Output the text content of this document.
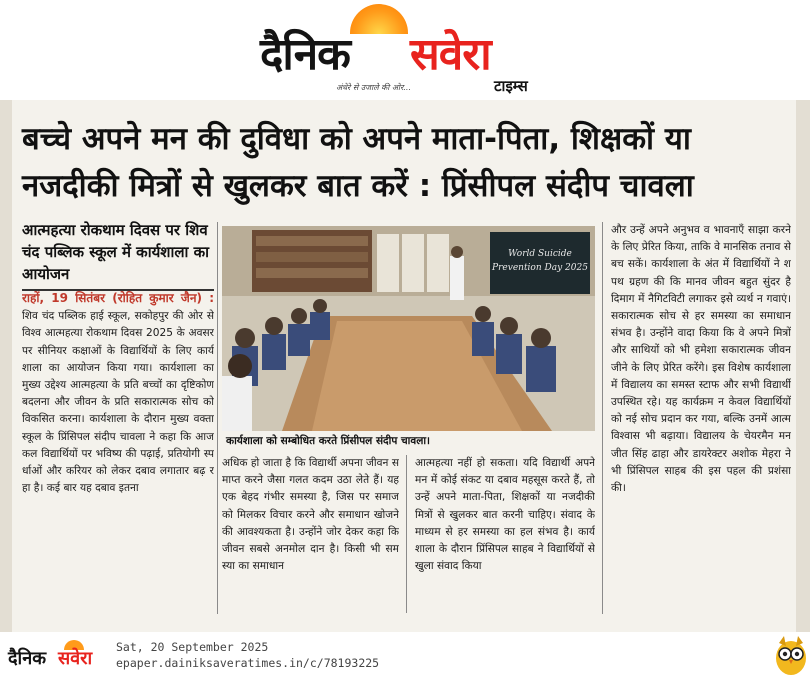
दैनिक सवेरा
अंधेरे से उजाले की ओर...	टाइम्स
बच्चे अपने मन की दुविधा को अपने माता-पिता, शिक्षकों या नजदीकी मित्रों से खुलकर बात करें : प्रिंसीपल संदीप चावला
आत्महत्या रोकथाम दिवस पर शिव चंद पब्लिक स्कूल में कार्यशाला का आयोजन
राहों, 19 सितंबर (रोहित कुमार जैन) : शिव चंद पब्लिक हाई स्कूल, सकोहपुर की ओर से विश्व आत्महत्या रोकथाम दिवस 2025 के अवसर पर सीनियर कक्षाओं के विद्यार्थियों के लिए कार्यशाला का आयोजन किया गया। कार्यशाला का मुख्य उद्देश्य आत्महत्या के प्रति बच्चों का दृष्टिकोण बदलना और जीवन के प्रति सकारात्मक सोच को विकसित करना। कार्यशाला के दौरान मुख्य वक्ता स्कूल के प्रिंसिपल संदीप चावला ने कहा कि आजकल विद्यार्थियों पर भविष्य की पढ़ाई, प्रतियोगी स्पर्धाओं और करियर को लेकर दबाव लगातार बढ़ रहा है। कई बार यह दबाव इतना
World Suicide
Prevention Day 2025
कार्यशाला को सम्बोधित करते प्रिंसीपल संदीप चावला।
अधिक हो जाता है कि विद्यार्थी अपना जीवन समाप्त करने जैसा गलत कदम उठा लेते हैं। यह एक बेहद गंभीर समस्या है, जिस पर समाज को मिलकर विचार करने और समाधान खोजने की आवश्यकता है। उन्होंने जोर देकर कहा कि जीवन सबसे अनमोल दान है। किसी भी समस्या का समाधान
आत्महत्या नहीं हो सकता। यदि विद्यार्थी अपने मन में कोई संकट या दबाव महसूस करते हैं, तो उन्हें अपने माता-पिता, शिक्षकों या नजदीकी मित्रों से खुलकर बात करनी चाहिए। संवाद के माध्यम से हर समस्या का हल संभव है। कार्यशाला के दौरान प्रिंसिपल साहब ने विद्यार्थियों से खुला संवाद किया
और उन्हें अपने अनुभव व भावनाएँ साझा करने के लिए प्रेरित किया, ताकि वे मानसिक तनाव से बच सकें। कार्यशाला के अंत में विद्यार्थियों ने शपथ ग्रहण की कि मानव जीवन बहुत सुंदर है दिमाग में नैगिटविटी लगाकर इसे व्यर्थ न गवाएं। सकारात्मक सोच से हर समस्या का समाधान संभव है। उन्होंने वादा किया कि वे अपने मित्रों और साथियों को भी हमेशा सकारात्मक जीवन जीने के लिए प्रेरित करेंगे। इस विशेष कार्यशाला में विद्यालय का समस्त स्टाफ और सभी विद्यार्थी उपस्थित रहे। यह कार्यक्रम न केवल विद्यार्थियों को नई सोच प्रदान कर गया, बल्कि उनमें आत्मविश्वास भी बढ़ाया। विद्यालय के चेयरमैन मनजीत सिंह ढाहा और डायरेक्टर अशोक मेहरा ने भी प्रिंसिपल साहब की इस पहल की प्रशंसा की।
दैनिक सवेरा
Sat, 20 September 2025
epaper.dainiksaveratimes.in/c/78193225
